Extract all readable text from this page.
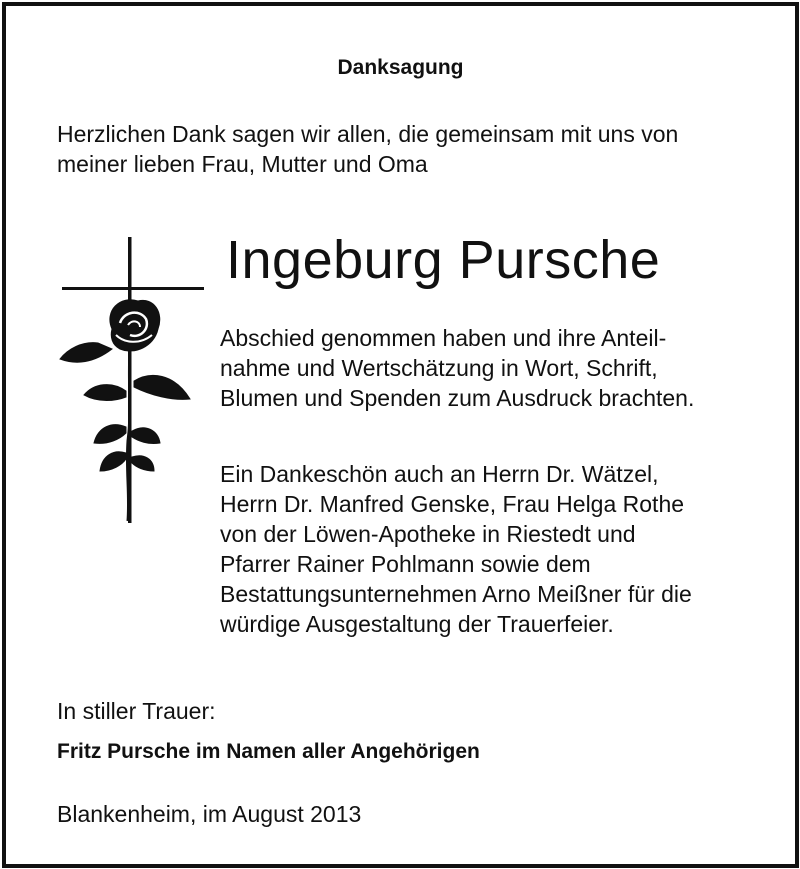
Danksagung
Herzlichen Dank sagen wir allen, die gemeinsam mit uns von
meiner lieben Frau, Mutter und Oma
Ingeburg Pursche
Abschied genommen haben und ihre Anteil-
nahme und Wertschätzung in Wort, Schrift,
Blumen und Spenden zum Ausdruck brachten.
Ein Dankeschön auch an Herrn Dr. Wätzel,
Herrn Dr. Manfred Genske, Frau Helga Rothe
von der Löwen-Apotheke in Riestedt und
Pfarrer Rainer Pohlmann sowie dem
Bestattungsunternehmen Arno Meißner für die
würdige Ausgestaltung der Trauerfeier.
In stiller Trauer:
Fritz Pursche im Namen aller Angehörigen
Blankenheim, im August 2013
